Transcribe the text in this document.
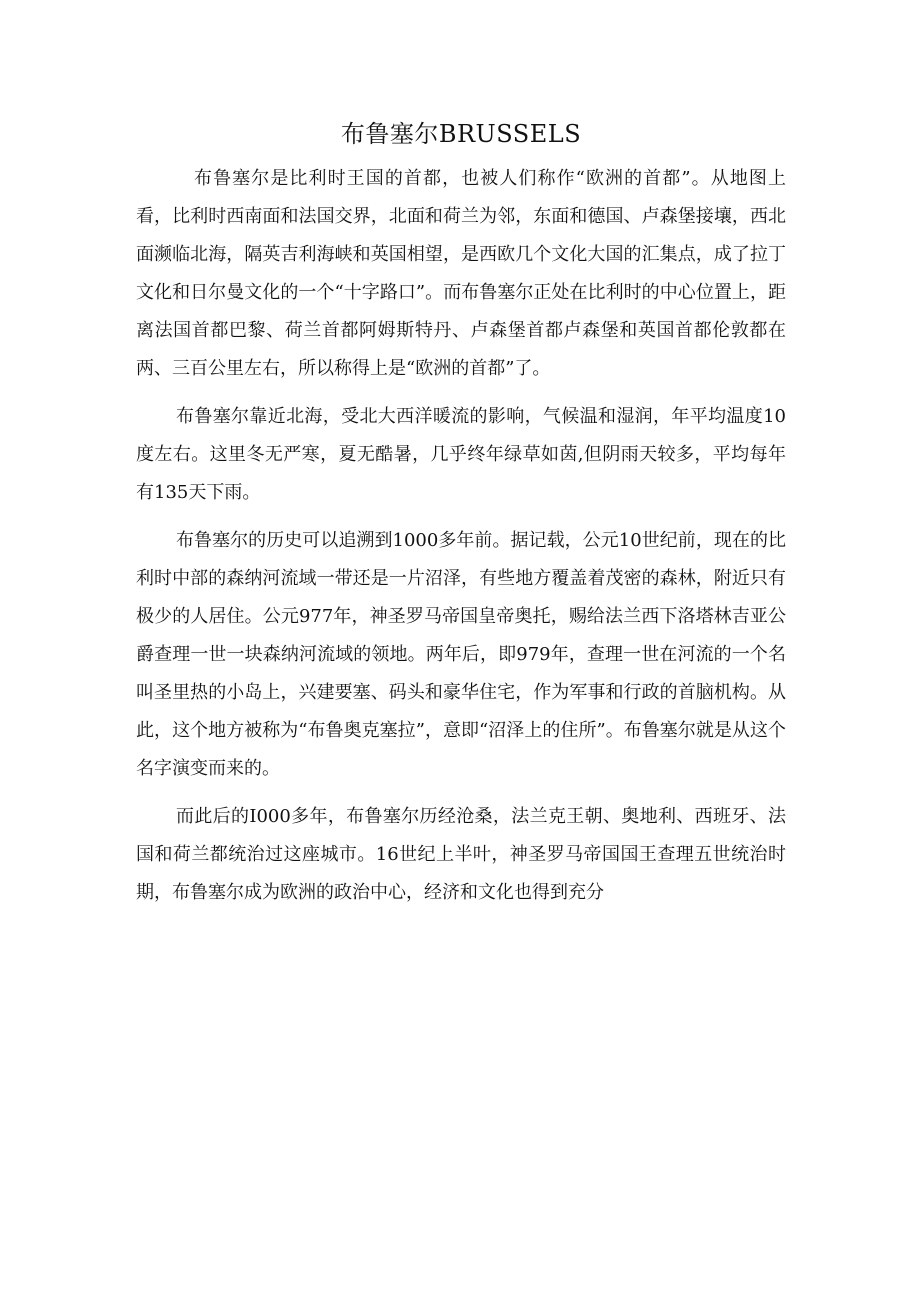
布鲁塞尔BRUSSELS

布鲁塞尔是比利时王国的首都，也被人们称作“欧洲的首都”。从地图上看，比利时西南面和法国交界，北面和荷兰为邻，东面和德国、卢森堡接壤，西北面濒临北海，隔英吉利海峡和英国相望，是西欧几个文化大国的汇集点，成了拉丁文化和日尔曼文化的一个“十字路口”。而布鲁塞尔正处在比利时的中心位置上，距离法国首都巴黎、荷兰首都阿姆斯特丹、卢森堡首都卢森堡和英国首都伦敦都在两、三百公里左右，所以称得上是“欧洲的首都”了。

布鲁塞尔靠近北海，受北大西洋暖流的影响，气候温和湿润，年平均温度10度左右。这里冬无严寒，夏无酷暑，几乎终年绿草如茵,但阴雨天较多，平均每年有135天下雨。

布鲁塞尔的历史可以追溯到1000多年前。据记载，公元10世纪前，现在的比利时中部的森纳河流域一带还是一片沼泽，有些地方覆盖着茂密的森林，附近只有极少的人居住。公元977年，神圣罗马帝国皇帝奥托，赐给法兰西下洛塔林吉亚公爵查理一世一块森纳河流域的领地。两年后，即979年，查理一世在河流的一个名叫圣里热的小岛上，兴建要塞、码头和豪华住宅，作为军事和行政的首脑机构。从此，这个地方被称为“布鲁奥克塞拉”，意即“沼泽上的住所”。布鲁塞尔就是从这个名字演变而来的。

而此后的I000多年，布鲁塞尔历经沧桑，法兰克王朝、奥地利、西班牙、法国和荷兰都统治过这座城市。16世纪上半叶，神圣罗马帝国国王查理五世统治时期，布鲁塞尔成为欧洲的政治中心，经济和文化也得到充分
